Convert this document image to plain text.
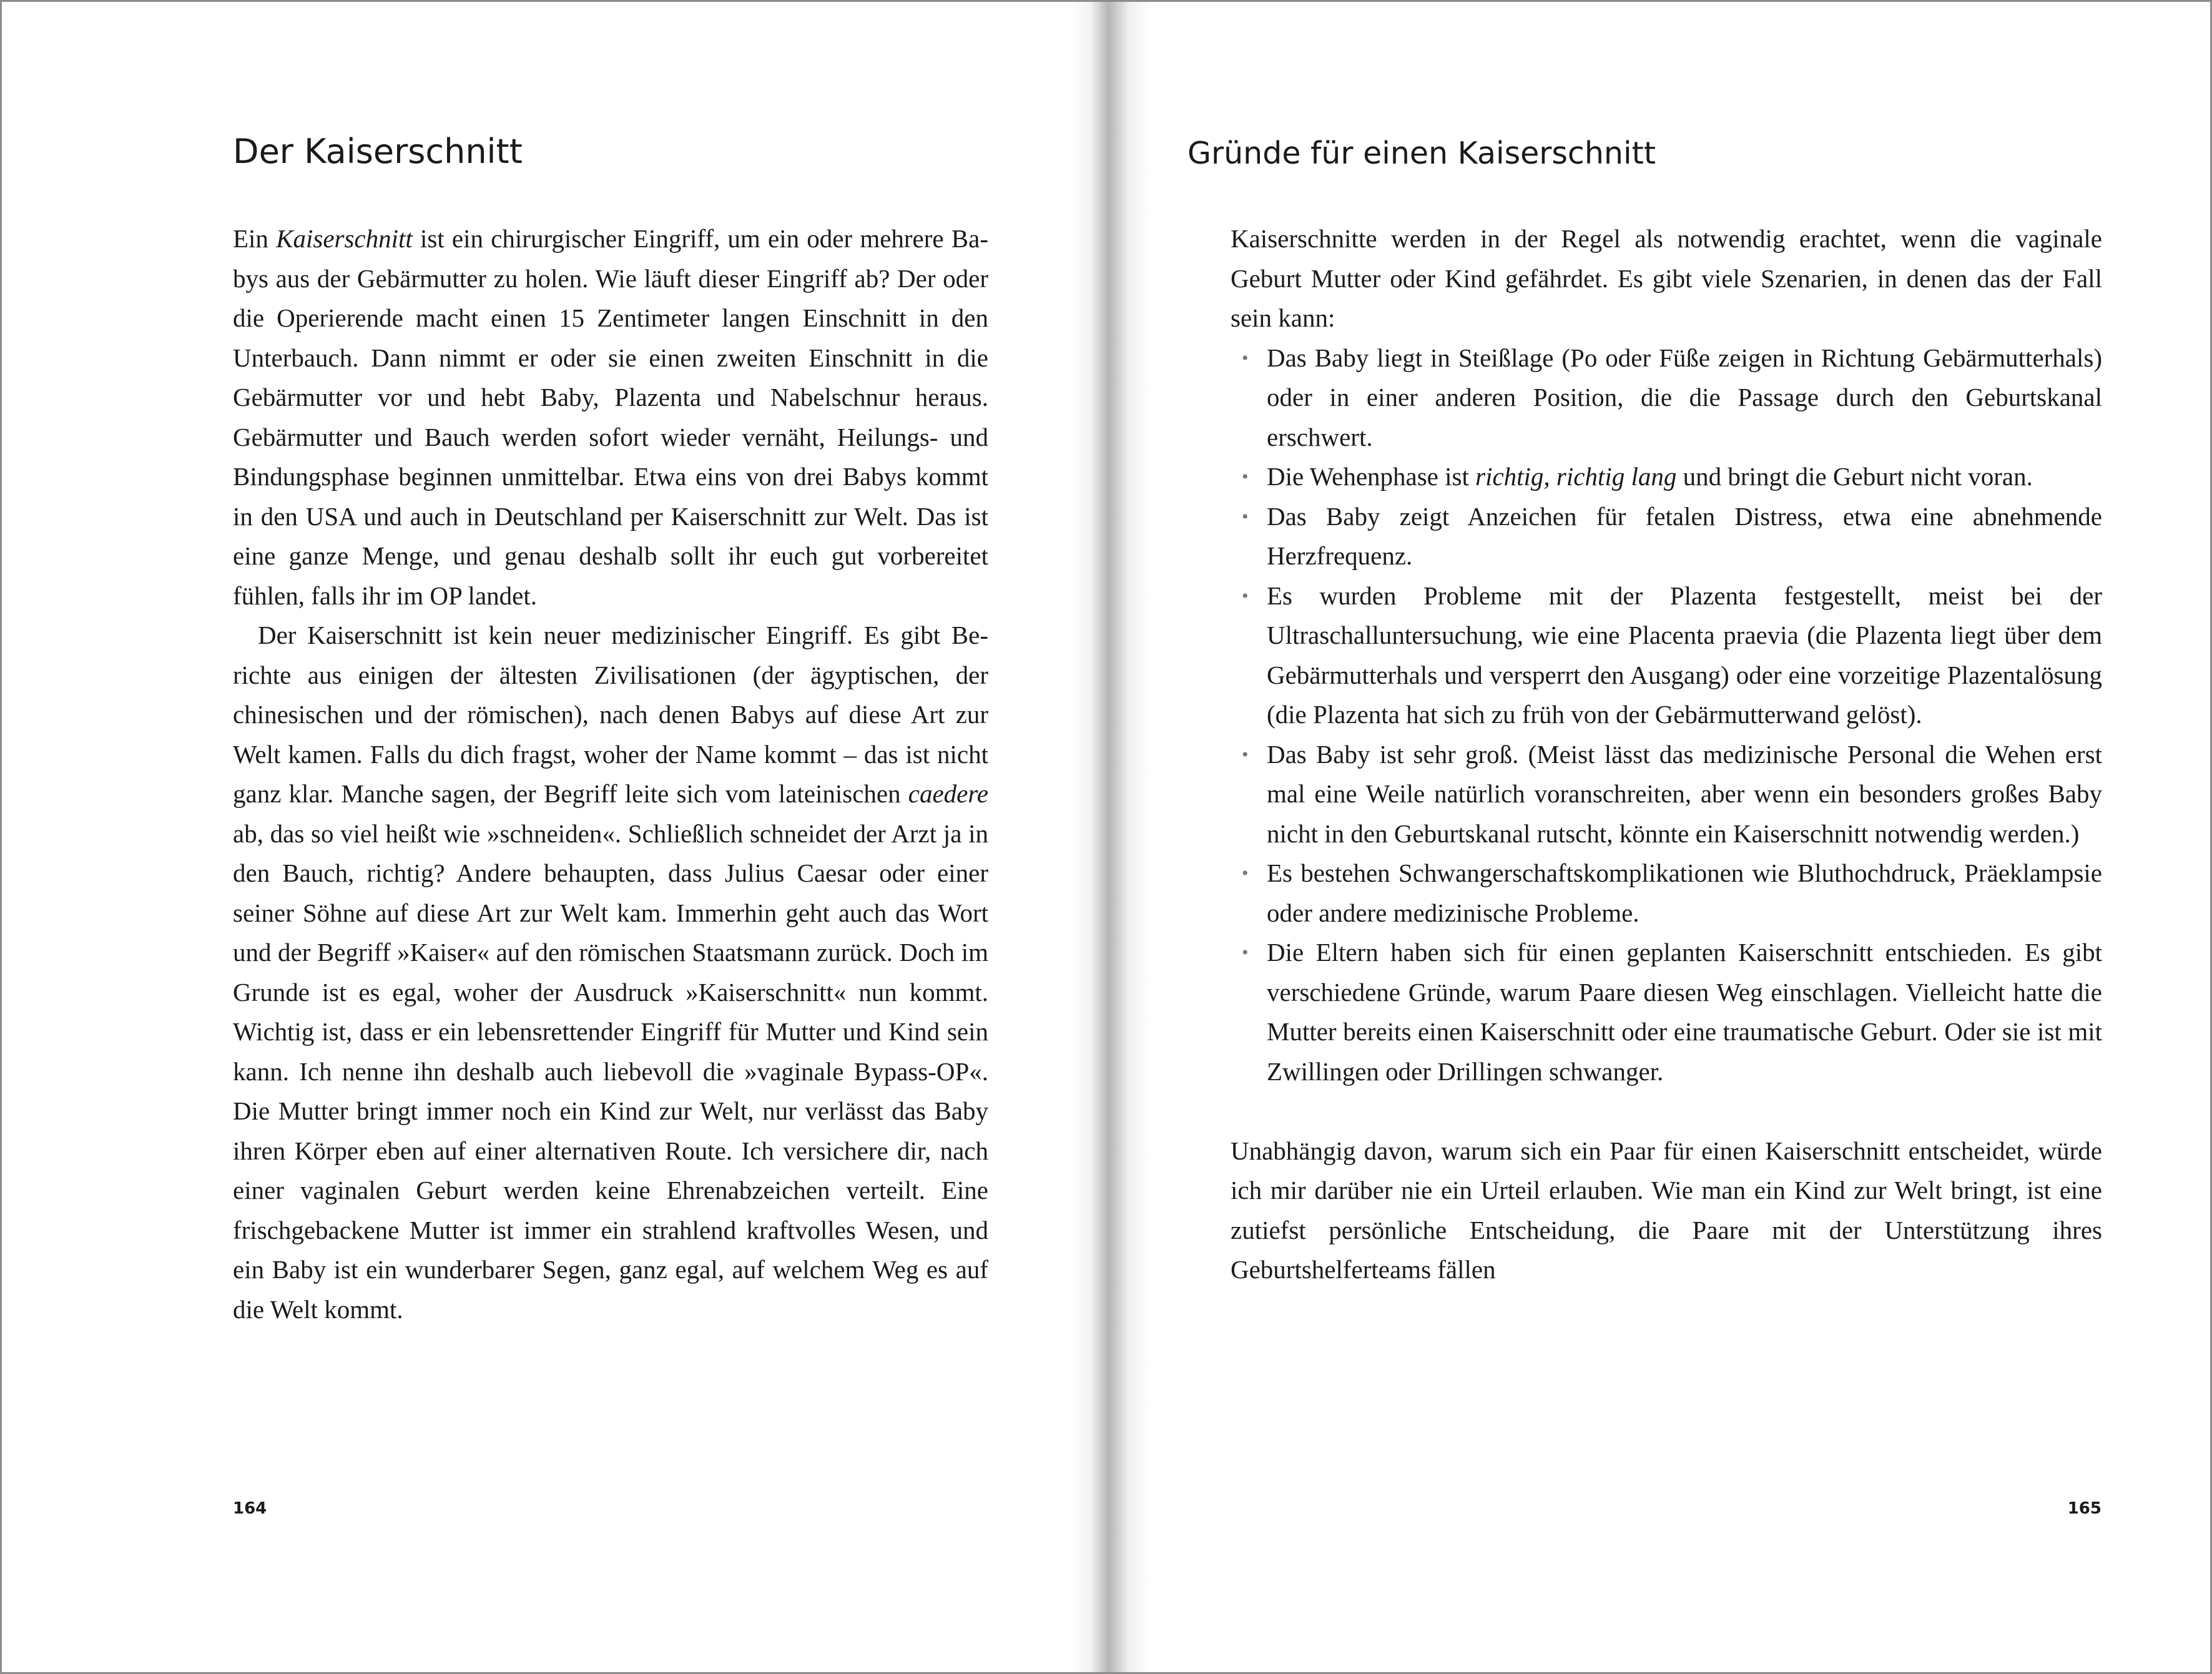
Der Kaiserschnitt

Ein Kaiserschnitt ist ein chirurgischer Eingriff, um ein oder mehrere Babys aus der Gebärmutter zu holen. Wie läuft dieser Eingriff ab? Der oder die Operierende macht einen 15 Zentimeter langen Einschnitt in den Unterbauch. Dann nimmt er oder sie einen zweiten Einschnitt in die Gebärmutter vor und hebt Baby, Plazenta und Nabelschnur heraus. Gebärmutter und Bauch werden sofort wieder vernäht, Heilungs- und Bindungsphase beginnen unmittelbar. Etwa eins von drei Babys kommt in den USA und auch in Deutschland per Kaiserschnitt zur Welt. Das ist eine ganze Menge, und genau deshalb sollt ihr euch gut vorbereitet fühlen, falls ihr im OP landet.

Der Kaiserschnitt ist kein neuer medizinischer Eingriff. Es gibt Berichte aus einigen der ältesten Zivilisationen (der ägyptischen, der chinesischen und der römischen), nach denen Babys auf diese Art zur Welt kamen. Falls du dich fragst, woher der Name kommt – das ist nicht ganz klar. Manche sagen, der Begriff leite sich vom lateinischen caedere ab, das so viel heißt wie »schneiden«. Schließlich schneidet der Arzt ja in den Bauch, richtig? Andere behaupten, dass Julius Caesar oder einer seiner Söhne auf diese Art zur Welt kam. Immerhin geht auch das Wort und der Begriff »Kaiser« auf den römischen Staatsmann zurück. Doch im Grunde ist es egal, woher der Ausdruck »Kaiserschnitt« nun kommt. Wichtig ist, dass er ein lebensrettender Eingriff für Mutter und Kind sein kann. Ich nenne ihn deshalb auch liebevoll die »vaginale Bypass-OP«. Die Mutter bringt immer noch ein Kind zur Welt, nur verlässt das Baby ihren Körper eben auf einer alternativen Route. Ich versichere dir, nach einer vaginalen Geburt werden keine Ehrenabzeichen verteilt. Eine frischgebackene Mutter ist immer ein strahlend kraftvolles Wesen, und ein Baby ist ein wunderbarer Segen, ganz egal, auf welchem Weg es auf die Welt kommt.

164
Gründe für einen Kaiserschnitt

Kaiserschnitte werden in der Regel als notwendig erachtet, wenn die vaginale Geburt Mutter oder Kind gefährdet. Es gibt viele Szenarien, in denen das der Fall sein kann:

• Das Baby liegt in Steißlage (Po oder Füße zeigen in Richtung Gebärmutterhals) oder in einer anderen Position, die die Passage durch den Geburtskanal erschwert.
• Die Wehenphase ist richtig, richtig lang und bringt die Geburt nicht voran.
• Das Baby zeigt Anzeichen für fetalen Distress, etwa eine abnehmende Herzfrequenz.
• Es wurden Probleme mit der Plazenta festgestellt, meist bei der Ultraschalluntersuchung, wie eine Placenta praevia (die Plazenta liegt über dem Gebärmutterhals und versperrt den Ausgang) oder eine vorzeitige Plazentalösung (die Plazenta hat sich zu früh von der Gebärmutterwand gelöst).
• Das Baby ist sehr groß. (Meist lässt das medizinische Personal die Wehen erst mal eine Weile natürlich voranschreiten, aber wenn ein besonders großes Baby nicht in den Geburtskanal rutscht, könnte ein Kaiserschnitt notwendig werden.)
• Es bestehen Schwangerschaftskomplikationen wie Bluthochdruck, Präeklampsie oder andere medizinische Probleme.
• Die Eltern haben sich für einen geplanten Kaiserschnitt entschieden. Es gibt verschiedene Gründe, warum Paare diesen Weg einschlagen. Vielleicht hatte die Mutter bereits einen Kaiserschnitt oder eine traumatische Geburt. Oder sie ist mit Zwillingen oder Drillingen schwanger.

Unabhängig davon, warum sich ein Paar für einen Kaiserschnitt entscheidet, würde ich mir darüber nie ein Urteil erlauben. Wie man ein Kind zur Welt bringt, ist eine zutiefst persönliche Entscheidung, die Paare mit der Unterstützung ihres Geburtshelferteams fällen

165
